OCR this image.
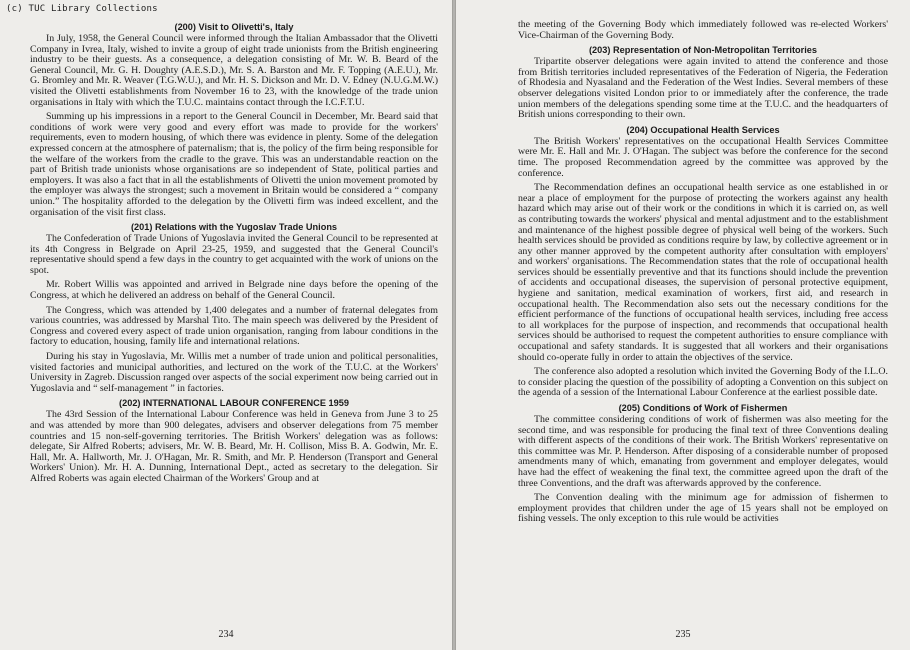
(c) TUC Library Collections
(200) Visit to Olivetti's, Italy

In July, 1958, the General Council were informed through the Italian Ambassador that the Olivetti Company in Ivrea, Italy, wished to invite a group of eight trade unionists from the British engineering industry to be their guests. As a consequence, a delegation consisting of Mr. W. B. Beard of the General Council, Mr. G. H. Doughty (A.E.S.D.), Mr. S. A. Barston and Mr. F. Topping (A.E.U.), Mr. G. Bromley and Mr. R. Weaver (T.G.W.U.), and Mr. H. S. Dickson and Mr. D. V. Edney (N.U.G.M.W.) visited the Olivetti establishments from November 16 to 23, with the knowledge of the trade union organisations in Italy with which the T.U.C. maintains contact through the I.C.F.T.U.

Summing up his impressions in a report to the General Council in December, Mr. Beard said that conditions of work were very good and every effort was made to provide for the workers' requirements, even to modern housing, of which there was evidence in plenty. Some of the delegation expressed concern at the atmosphere of paternalism; that is, the policy of the firm being responsible for the welfare of the workers from the cradle to the grave. This was an understandable reaction on the part of British trade unionists whose organisations are so independent of State, political parties and employers. It was also a fact that in all the establishments of Olivetti the union movement promoted by the employer was always the strongest; such a movement in Britain would be considered a “ company union.” The hospitality afforded to the delegation by the Olivetti firm was indeed excellent, and the organisation of the visit first class.

(201) Relations with the Yugoslav Trade Unions

The Confederation of Trade Unions of Yugoslavia invited the General Council to be represented at its 4th Congress in Belgrade on April 23-25, 1959, and suggested that the General Council's representative should spend a few days in the country to get acquainted with the work of unions on the spot.

Mr. Robert Willis was appointed and arrived in Belgrade nine days before the opening of the Congress, at which he delivered an address on behalf of the General Council.

The Congress, which was attended by 1,400 delegates and a number of fraternal delegates from various countries, was addressed by Marshal Tito. The main speech was delivered by the President of Congress and covered every aspect of trade union organisation, ranging from labour conditions in the factory to education, housing, family life and international relations.

During his stay in Yugoslavia, Mr. Willis met a number of trade union and political personalities, visited factories and municipal authorities, and lectured on the work of the T.U.C. at the Workers' University in Zagreb. Discussion ranged over aspects of the social experiment now being carried out in Yugoslavia and “ self-management ” in factories.

(202) INTERNATIONAL LABOUR CONFERENCE 1959

The 43rd Session of the International Labour Conference was held in Geneva from June 3 to 25 and was attended by more than 900 delegates, advisers and observer delegations from 75 member countries and 15 non-self-governing territories. The British Workers' delegation was as follows: delegate, Sir Alfred Roberts; advisers, Mr. W. B. Beard, Mr. H. Collison, Miss B. A. Godwin, Mr. E. Hall, Mr. A. Hallworth, Mr. J. O'Hagan, Mr. R. Smith, and Mr. P. Henderson (Transport and General Workers' Union). Mr. H. A. Dunning, International Dept., acted as secretary to the delegation. Sir Alfred Roberts was again elected Chairman of the Workers' Group and at

234

the meeting of the Governing Body which immediately followed was re-elected Workers' Vice-Chairman of the Governing Body.

(203) Representation of Non-Metropolitan Territories

Tripartite observer delegations were again invited to attend the conference and those from British territories included representatives of the Federation of Nigeria, the Federation of Rhodesia and Nyasaland and the Federation of the West Indies. Several members of these observer delegations visited London prior to or immediately after the conference, the trade union members of the delegations spending some time at the T.U.C. and the headquarters of British unions corresponding to their own.

(204) Occupational Health Services

The British Workers' representatives on the occupational Health Services Committee were Mr. E. Hall and Mr. J. O'Hagan. The subject was before the conference for the second time. The proposed Recommendation agreed by the committee was approved by the conference.

The Recommendation defines an occupational health service as one established in or near a place of employment for the purpose of protecting the workers against any health hazard which may arise out of their work or the conditions in which it is carried on, as well as contributing towards the workers' physical and mental adjustment and to the establishment and maintenance of the highest possible degree of physical well being of the workers. Such health services should be provided as conditions require by law, by collective agreement or in any other manner approved by the competent authority after consultation with employers' and workers' organisations. The Recommendation states that the role of occupational health services should be essentially preventive and that its functions should include the prevention of accidents and occupational diseases, the supervision of personal protective equipment, hygiene and sanitation, medical examination of workers, first aid, and research in occupational health. The Recommendation also sets out the necessary conditions for the efficient performance of the functions of occupational health services, including free access to all workplaces for the purpose of inspection, and recommends that occupational health services should be authorised to request the competent authorities to ensure compliance with occupational and safety standards. It is suggested that all workers and their organisations should co-operate fully in order to attain the objectives of the service.

The conference also adopted a resolution which invited the Governing Body of the I.L.O. to consider placing the question of the possibility of adopting a Convention on this subject on the agenda of a session of the International Labour Conference at the earliest possible date.

(205) Conditions of Work of Fishermen

The committee considering conditions of work of fishermen was also meeting for the second time, and was responsible for producing the final text of three Conventions dealing with different aspects of the conditions of their work. The British Workers' representative on this committee was Mr. P. Henderson. After disposing of a considerable number of proposed amendments many of which, emanating from government and employer delegates, would have had the effect of weakening the final text, the committee agreed upon the draft of the three Conventions, and the draft was afterwards approved by the conference.

The Convention dealing with the minimum age for admission of fishermen to employment provides that children under the age of 15 years shall not be employed on fishing vessels. The only exception to this rule would be activities

235
